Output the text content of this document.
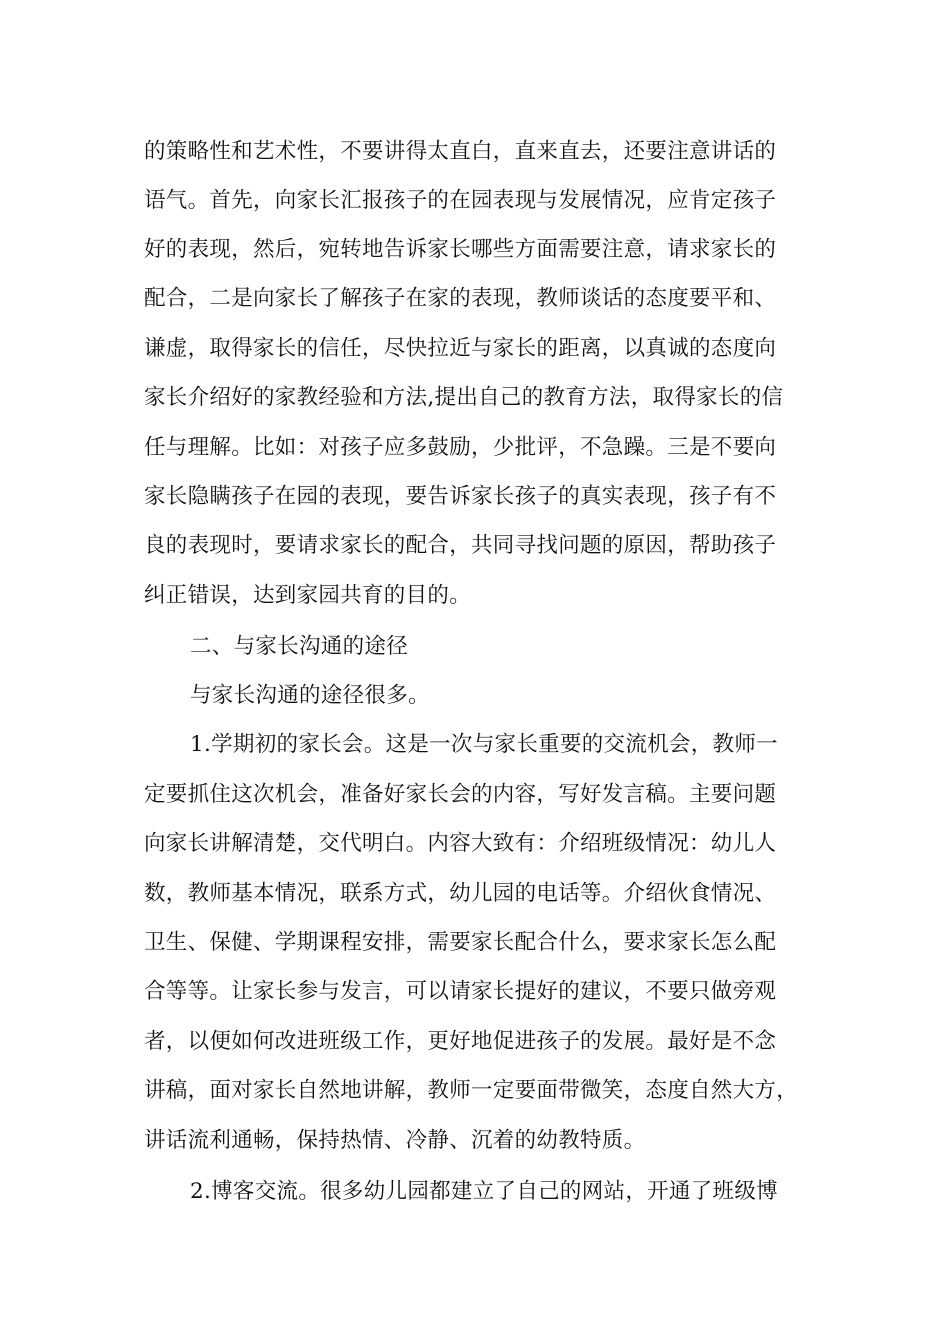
的策略性和艺术性，不要讲得太直白，直来直去，还要注意讲话的
语气。首先，向家长汇报孩子的在园表现与发展情况，应肯定孩子
好的表现，然后，宛转地告诉家长哪些方面需要注意，请求家长的
配合，二是向家长了解孩子在家的表现，教师谈话的态度要平和、
谦虚，取得家长的信任，尽快拉近与家长的距离，以真诚的态度向
家长介绍好的家教经验和方法,提出自己的教育方法，取得家长的信
任与理解。比如：对孩子应多鼓励，少批评，不急躁。三是不要向
家长隐瞒孩子在园的表现，要告诉家长孩子的真实表现，孩子有不
良的表现时，要请求家长的配合，共同寻找问题的原因，帮助孩子
纠正错误，达到家园共育的目的。
二、与家长沟通的途径
与家长沟通的途径很多。
1.学期初的家长会。这是一次与家长重要的交流机会，教师一
定要抓住这次机会，准备好家长会的内容，写好发言稿。主要问题
向家长讲解清楚，交代明白。内容大致有：介绍班级情况：幼儿人
数，教师基本情况，联系方式，幼儿园的电话等。介绍伙食情况、
卫生、保健、学期课程安排，需要家长配合什么，要求家长怎么配
合等等。让家长参与发言，可以请家长提好的建议，不要只做旁观
者，以便如何改进班级工作，更好地促进孩子的发展。最好是不念
讲稿，面对家长自然地讲解，教师一定要面带微笑，态度自然大方，
讲话流利通畅，保持热情、冷静、沉着的幼教特质。
2.博客交流。很多幼儿园都建立了自己的网站，开通了班级博
